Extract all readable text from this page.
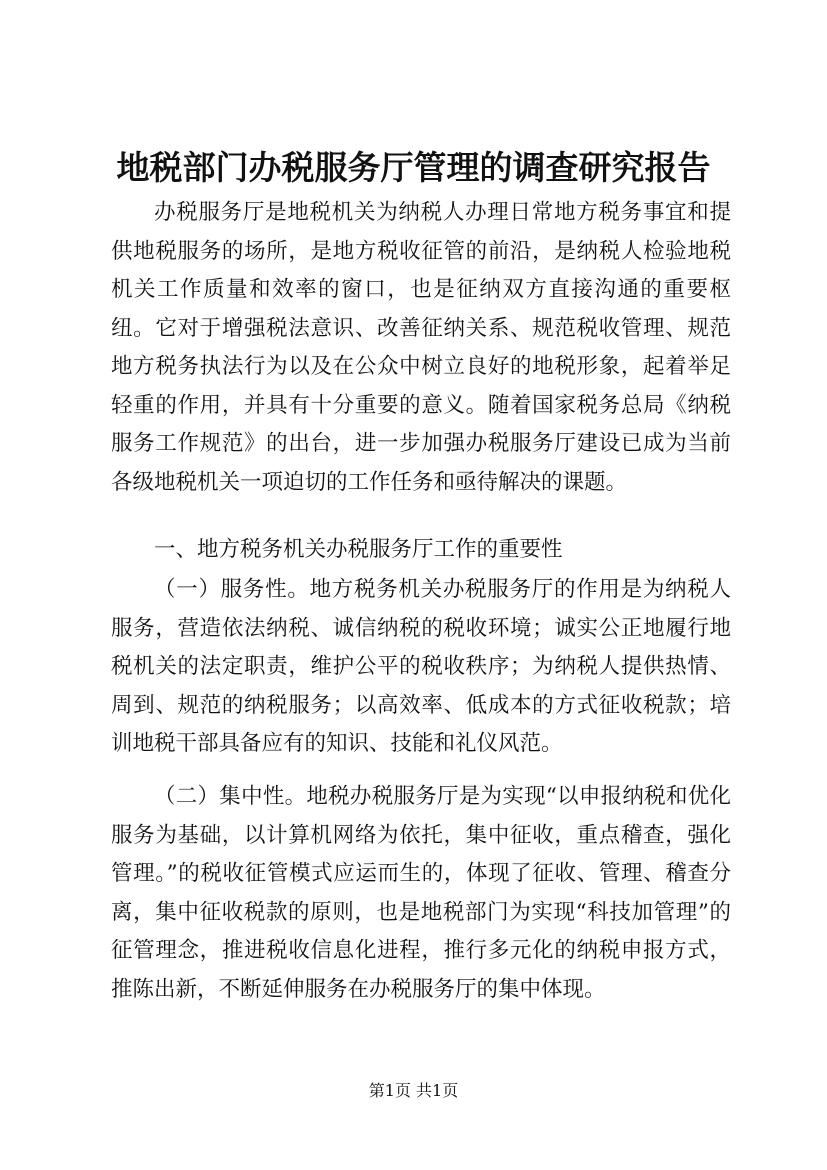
地税部门办税服务厅管理的调查研究报告

办税服务厅是地税机关为纳税人办理日常地方税务事宜和提供地税服务的场所，是地方税收征管的前沿，是纳税人检验地税机关工作质量和效率的窗口，也是征纳双方直接沟通的重要枢纽。它对于增强税法意识、改善征纳关系、规范税收管理、规范地方税务执法行为以及在公众中树立良好的地税形象，起着举足轻重的作用，并具有十分重要的意义。随着国家税务总局《纳税服务工作规范》的出台，进一步加强办税服务厅建设已成为当前各级地税机关一项迫切的工作任务和亟待解决的课题。

一、地方税务机关办税服务厅工作的重要性

（一）服务性。地方税务机关办税服务厅的作用是为纳税人服务，营造依法纳税、诚信纳税的税收环境；诚实公正地履行地税机关的法定职责，维护公平的税收秩序；为纳税人提供热情、周到、规范的纳税服务；以高效率、低成本的方式征收税款；培训地税干部具备应有的知识、技能和礼仪风范。

（二）集中性。地税办税服务厅是为实现“以申报纳税和优化服务为基础，以计算机网络为依托，集中征收，重点稽查，强化管理。”的税收征管模式应运而生的，体现了征收、管理、稽查分离，集中征收税款的原则，也是地税部门为实现“科技加管理”的征管理念，推进税收信息化进程，推行多元化的纳税申报方式，推陈出新，不断延伸服务在办税服务厅的集中体现。

第1页 共1页
